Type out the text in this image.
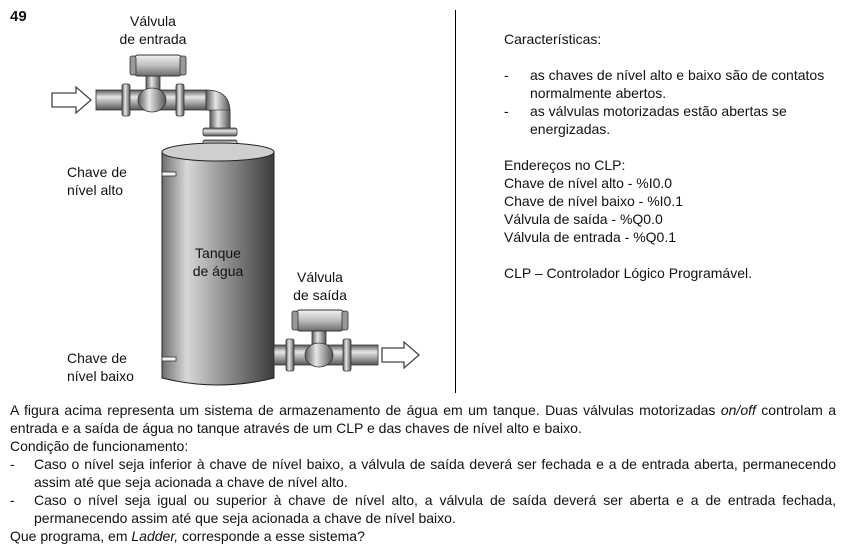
49	Válvula
de entrada
Chave de
nível alto
Tanque
de água	Válvula
de saída
Chave de
nível baixo

Características:

-	as chaves de nível alto e baixo são de contatos normalmente abertos.
-	as válvulas motorizadas estão abertas se energizadas.

Endereços no CLP:

Chave de nível alto - %I0.0

Chave de nível baixo - %I0.1

Válvula de saída - %Q0.0

Válvula de entrada - %Q0.1

CLP – Controlador Lógico Programável.

A figura acima representa um sistema de armazenamento de água em um tanque. Duas válvulas motorizadas on/off controlam a entrada e a saída de água no tanque através de um CLP e das chaves de nível alto e baixo.

Condição de funcionamento:

-	Caso o nível seja inferior à chave de nível baixo, a válvula de saída deverá ser fechada e a de entrada aberta, permanecendo assim até que seja acionada a chave de nível alto.
-	Caso o nível seja igual ou superior à chave de nível alto, a válvula de saída deverá ser aberta e a de entrada fechada, permanecendo assim até que seja acionada a chave de nível baixo.

Que programa, em Ladder, corresponde a esse sistema?
